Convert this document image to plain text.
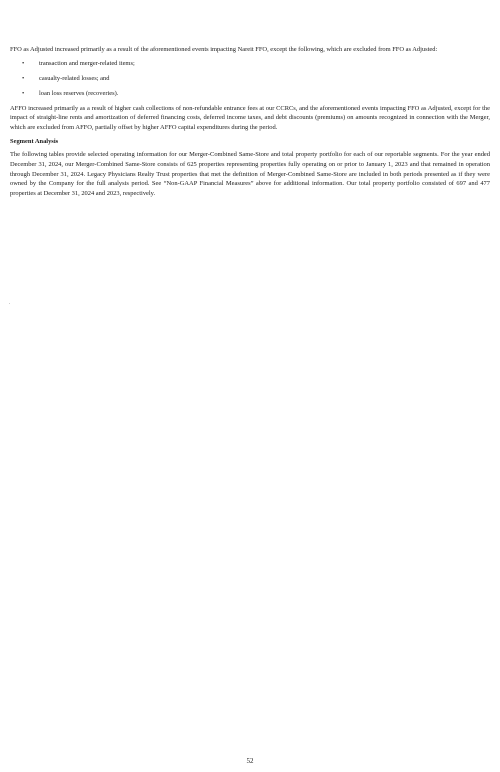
FFO as Adjusted increased primarily as a result of the aforementioned events impacting Nareit FFO, except the following, which are excluded from FFO as Adjusted:

• transaction and merger-related items;
• casualty-related losses; and
• loan loss reserves (recoveries).

AFFO increased primarily as a result of higher cash collections of non-refundable entrance fees at our CCRCs, and the aforementioned events impacting FFO as Adjusted, except for the impact of straight-line rents and amortization of deferred financing costs, deferred income taxes, and debt discounts (premiums) on amounts recognized in connection with the Merger, which are excluded from AFFO, partially offset by higher AFFO capital expenditures during the period.

Segment Analysis

The following tables provide selected operating information for our Merger-Combined Same-Store and total property portfolio for each of our reportable segments. For the year ended December 31, 2024, our Merger-Combined Same-Store consists of 625 properties representing properties fully operating on or prior to January 1, 2023 and that remained in operation through December 31, 2024. Legacy Physicians Realty Trust properties that met the definition of Merger-Combined Same-Store are included in both periods presented as if they were owned by the Company for the full analysis period. See “Non-GAAP Financial Measures” above for additional information. Our total property portfolio consisted of 697 and 477 properties at December 31, 2024 and 2023, respectively.

52
